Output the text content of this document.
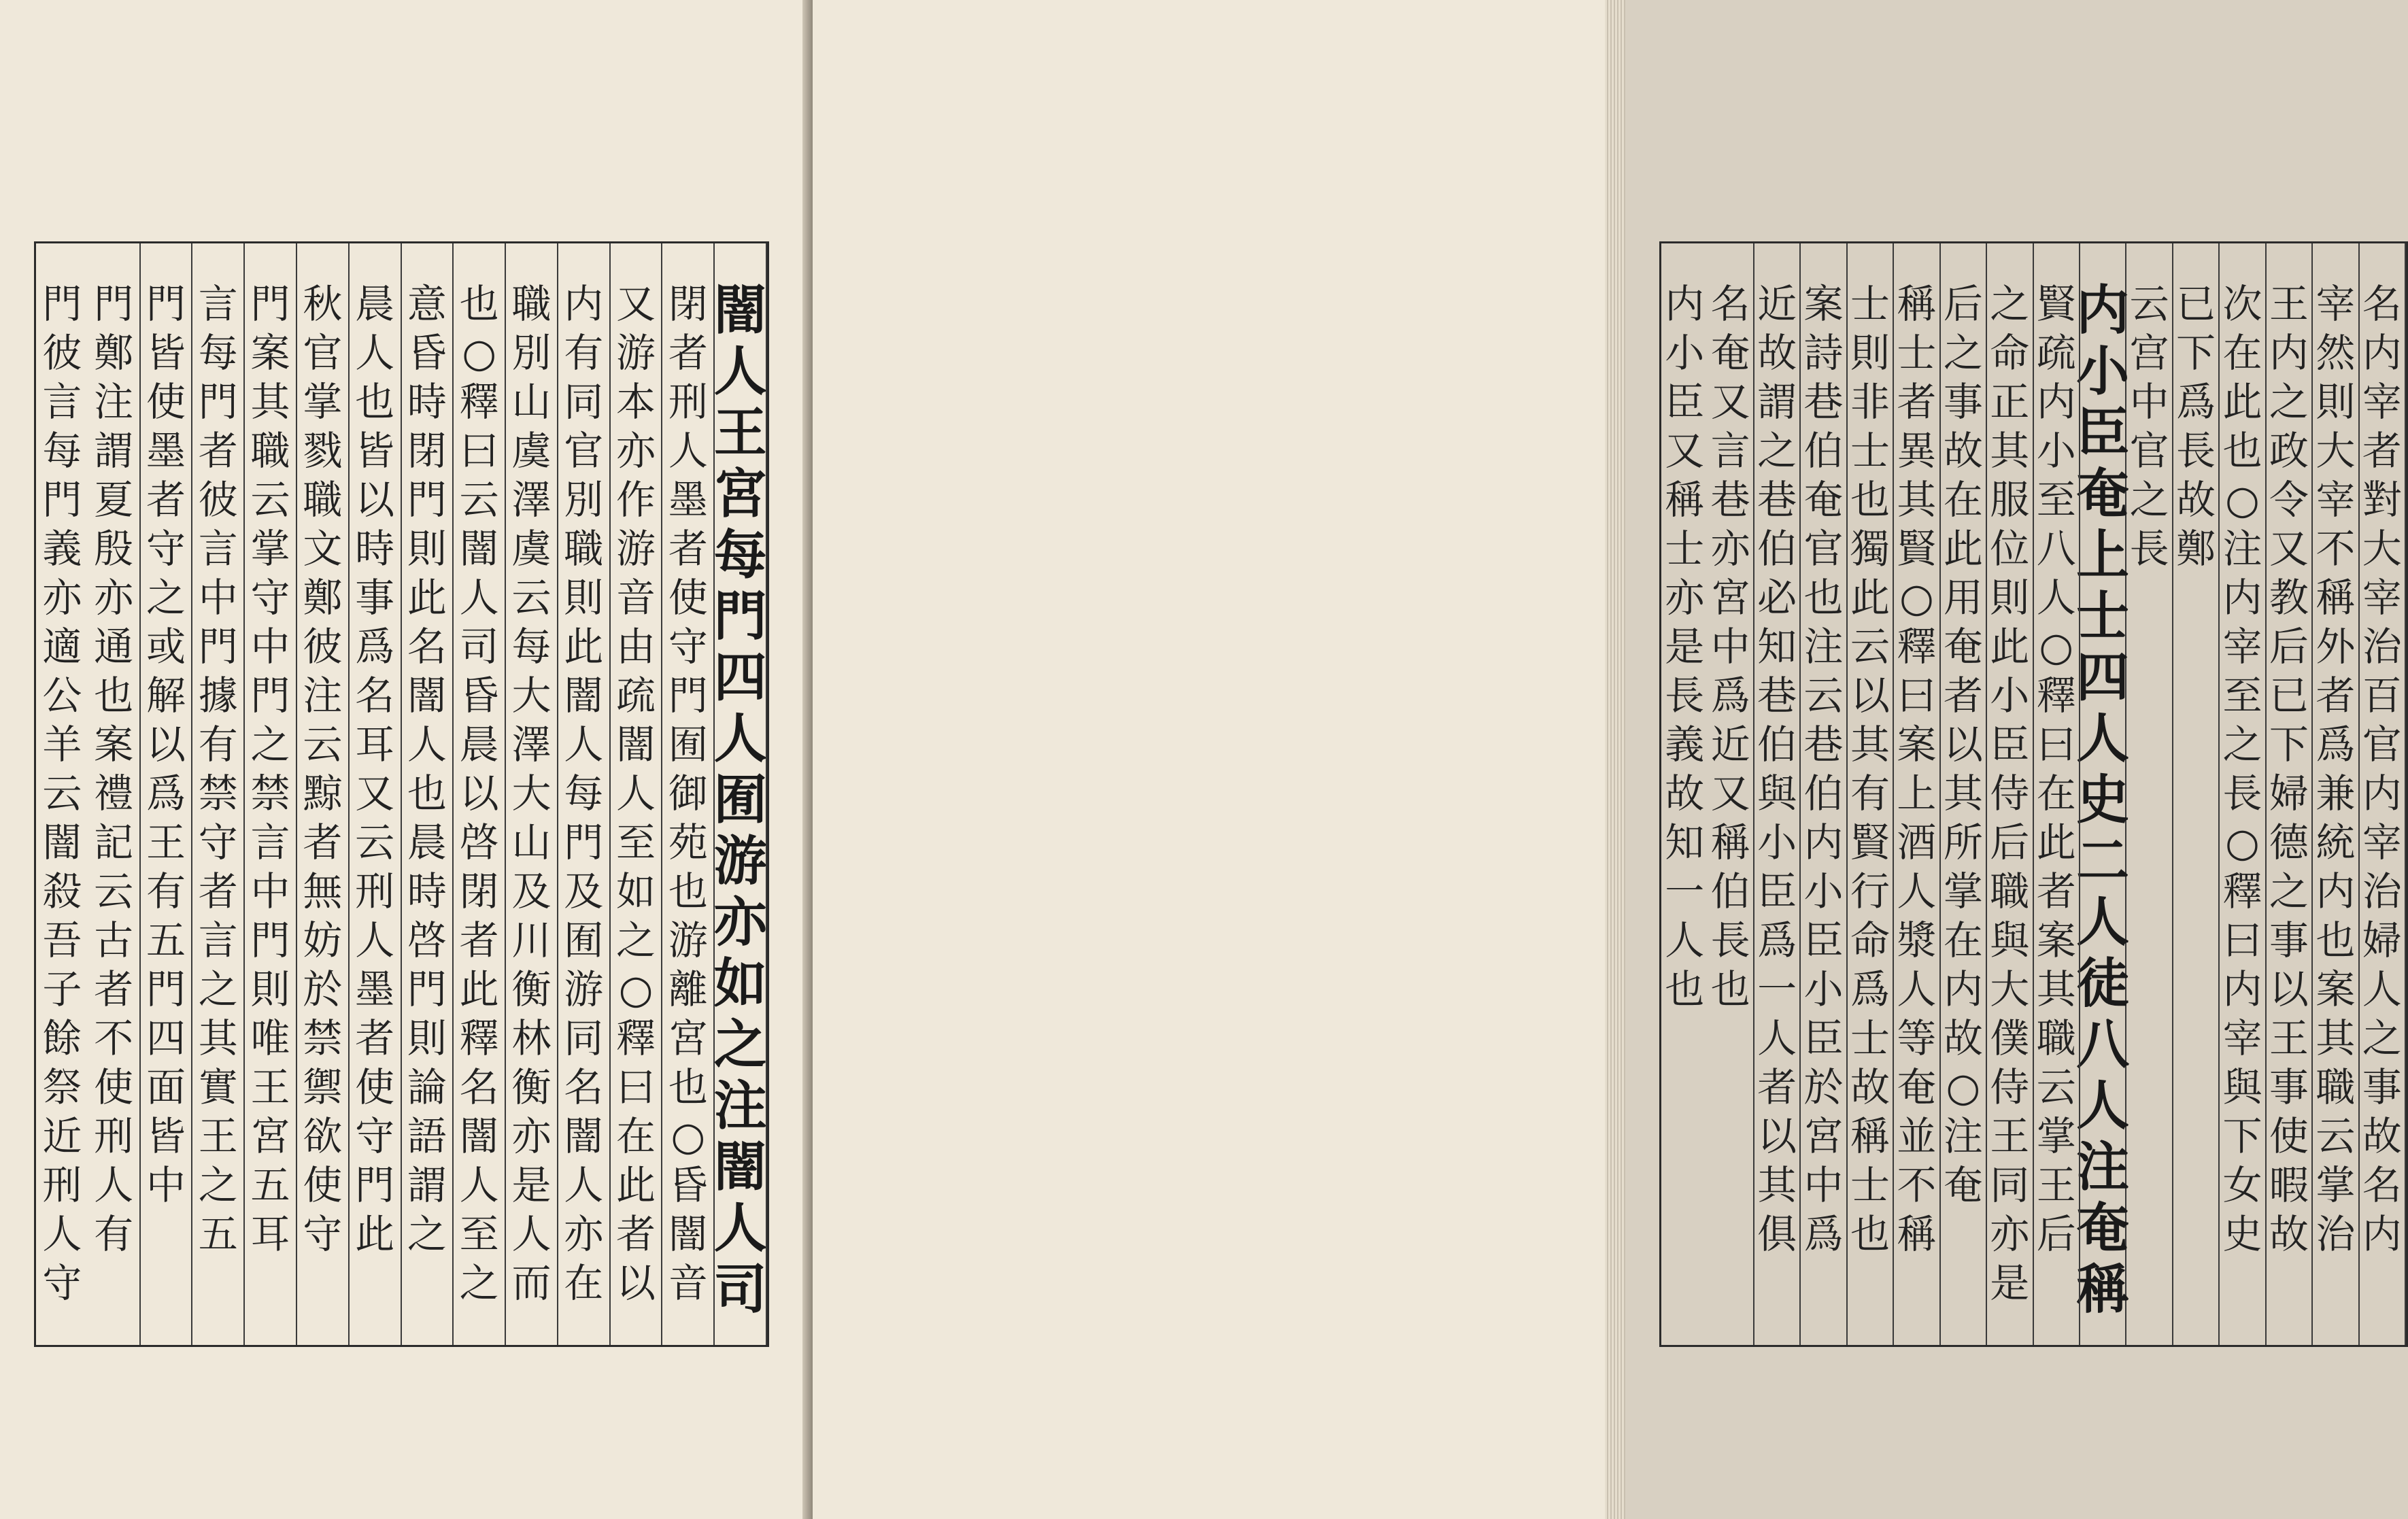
闇
人
王
宮
每
門
四
人
囿
游
亦
如
之
注
闇
人
司
閉
者
刑
人
墨
者
使
守
門
囿
御
苑
也
游
離
宮
也
○
昏
闇
音
又
游
本
亦
作
游
音
由
疏
闇
人
至
如
之
○
釋
曰
在
此
者
以
内
有
同
官
別
職
則
此
闇
人
每
門
及
囿
游
同
名
闇
人
亦
在
職
別
山
虞
澤
虞
云
每
大
澤
大
山
及
川
衡
林
衡
亦
是
人
而
也
○
釋
曰
云
闇
人
司
昏
晨
以
啓
閉
者
此
釋
名
闇
人
至
之
意
昏
時
閉
門
則
此
名
闇
人
也
晨
時
啓
門
則
論
語
謂
之
晨
人
也
皆
以
時
事
爲
名
耳
又
云
刑
人
墨
者
使
守
門
此
秋
官
掌
戮
職
文
鄭
彼
注
云
黥
者
無
妨
於
禁
禦
欲
使
守
門
案
其
職
云
掌
守
中
門
之
禁
言
中
門
則
唯
王
宮
五
耳
言
每
門
者
彼
言
中
門
據
有
禁
守
者
言
之
其
實
王
之
五
門
皆
使
墨
者
守
之
或
解
以
爲
王
有
五
門
四
面
皆
中
門
鄭
注
謂
夏
殷
亦
通
也
案
禮
記
云
古
者
不
使
刑
人
有
門
彼
言
每
門
義
亦
適
公
羊
云
闇
殺
吾
子
餘
祭
近
刑
人
守
名
内
宰
者
對
大
宰
治
百
官
内
宰
治
婦
人
之
事
故
名
内
宰
然
則
大
宰
不
稱
外
者
爲
兼
統
内
也
案
其
職
云
掌
治
王
内
之
政
令
又
教
后
已
下
婦
德
之
事
以
王
事
使
暇
故
次
在
此
也
○
注
内
宰
至
之
長
○
釋
曰
内
宰
與
下
女
史
已
下
爲
長
故
鄭
云
宫
中
官
之
長
内
小
臣
奄
上
士
四
人
史
二
人
徒
八
人
注
奄
稱
賢
疏
内
小
至
八
人
○
釋
曰
在
此
者
案
其
職
云
掌
王
后
之
命
正
其
服
位
則
此
小
臣
侍
后
職
與
大
僕
侍
王
同
亦
是
后
之
事
故
在
此
用
奄
者
以
其
所
掌
在
内
故
○
注
奄
稱
士
者
異
其
賢
○
釋
曰
案
上
酒
人
漿
人
等
奄
並
不
稱
士
則
非
士
也
獨
此
云
以
其
有
賢
行
命
爲
士
故
稱
士
也
案
詩
巷
伯
奄
官
也
注
云
巷
伯
内
小
臣
小
臣
於
宮
中
爲
近
故
謂
之
巷
伯
必
知
巷
伯
與
小
臣
爲
一
人
者
以
其
俱
名
奄
又
言
巷
亦
宮
中
爲
近
又
稱
伯
長
也
内
小
臣
又
稱
士
亦
是
長
義
故
知
一
人
也
